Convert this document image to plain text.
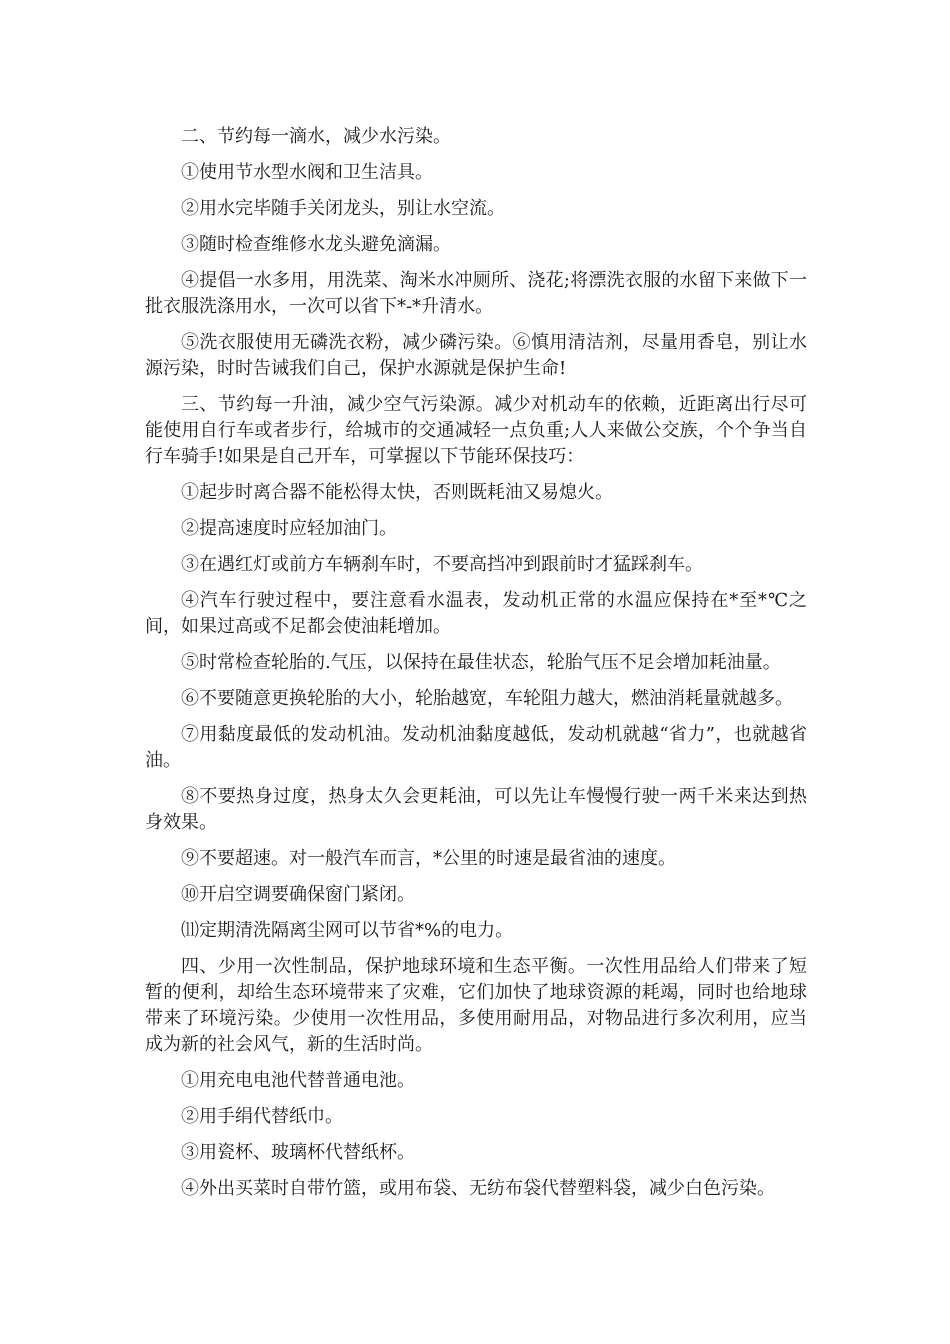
二、节约每一滴水，减少水污染。

①使用节水型水阀和卫生洁具。

②用水完毕随手关闭龙头，别让水空流。

③随时检查维修水龙头避免滴漏。

④提倡一水多用，用洗菜、淘米水冲厕所、浇花;将漂洗衣服的水留下来做下一批衣服洗涤用水，一次可以省下*-*升清水。

⑤洗衣服使用无磷洗衣粉，减少磷污染。⑥慎用清洁剂，尽量用香皂，别让水源污染，时时告诫我们自己，保护水源就是保护生命!

三、节约每一升油，减少空气污染源。减少对机动车的依赖，近距离出行尽可能使用自行车或者步行，给城市的交通减轻一点负重;人人来做公交族，个个争当自行车骑手!如果是自己开车，可掌握以下节能环保技巧：

①起步时离合器不能松得太快，否则既耗油又易熄火。

②提高速度时应轻加油门。

③在遇红灯或前方车辆刹车时，不要高挡冲到跟前时才猛踩刹车。

④汽车行驶过程中，要注意看水温表，发动机正常的水温应保持在*至*℃之间，如果过高或不足都会使油耗增加。

⑤时常检查轮胎的.气压，以保持在最佳状态，轮胎气压不足会增加耗油量。

⑥不要随意更换轮胎的大小，轮胎越宽，车轮阻力越大，燃油消耗量就越多。

⑦用黏度最低的发动机油。发动机油黏度越低，发动机就越“省力”，也就越省油。

⑧不要热身过度，热身太久会更耗油，可以先让车慢慢行驶一两千米来达到热身效果。

⑨不要超速。对一般汽车而言，*公里的时速是最省油的速度。

⑩开启空调要确保窗门紧闭。

⑾定期清洗隔离尘网可以节省*%的电力。

四、少用一次性制品，保护地球环境和生态平衡。一次性用品给人们带来了短暂的便利，却给生态环境带来了灾难，它们加快了地球资源的耗竭，同时也给地球带来了环境污染。少使用一次性用品，多使用耐用品，对物品进行多次利用，应当成为新的社会风气，新的生活时尚。

①用充电电池代替普通电池。

②用手绢代替纸巾。

③用瓷杯、玻璃杯代替纸杯。

④外出买菜时自带竹篮，或用布袋、无纺布袋代替塑料袋，减少白色污染。
